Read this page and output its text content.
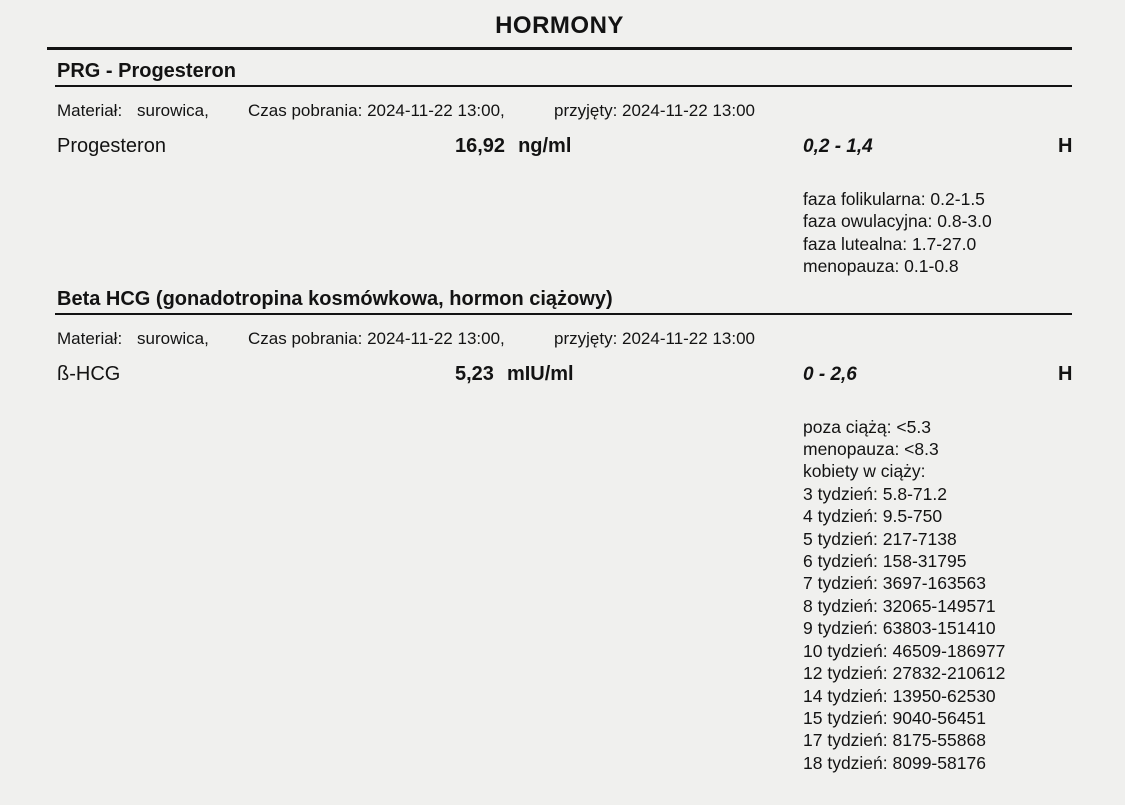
HORMONY
PRG - Progesteron
Materiał: surowica,	Czas pobrania: 2024-11-22 13:00,	przyjęty: 2024-11-22 13:00
Progesteron	16,92 ng/ml	0,2 - 1,4	H
faza folikularna: 0.2-1.5
faza owulacyjna: 0.8-3.0
faza lutealna: 1.7-27.0
menopauza: 0.1-0.8
Beta HCG (gonadotropina kosmówkowa, hormon ciążowy)
Materiał: surowica,	Czas pobrania: 2024-11-22 13:00,	przyjęty: 2024-11-22 13:00
ß-HCG	5,23 mIU/ml	0 - 2,6	H
poza ciążą: <5.3
menopauza: <8.3
kobiety w ciąży:
3 tydzień: 5.8-71.2
4 tydzień: 9.5-750
5 tydzień: 217-7138
6 tydzień: 158-31795
7 tydzień: 3697-163563
8 tydzień: 32065-149571
9 tydzień: 63803-151410
10 tydzień: 46509-186977
12 tydzień: 27832-210612
14 tydzień: 13950-62530
15 tydzień: 9040-56451
17 tydzień: 8175-55868
18 tydzień: 8099-58176
